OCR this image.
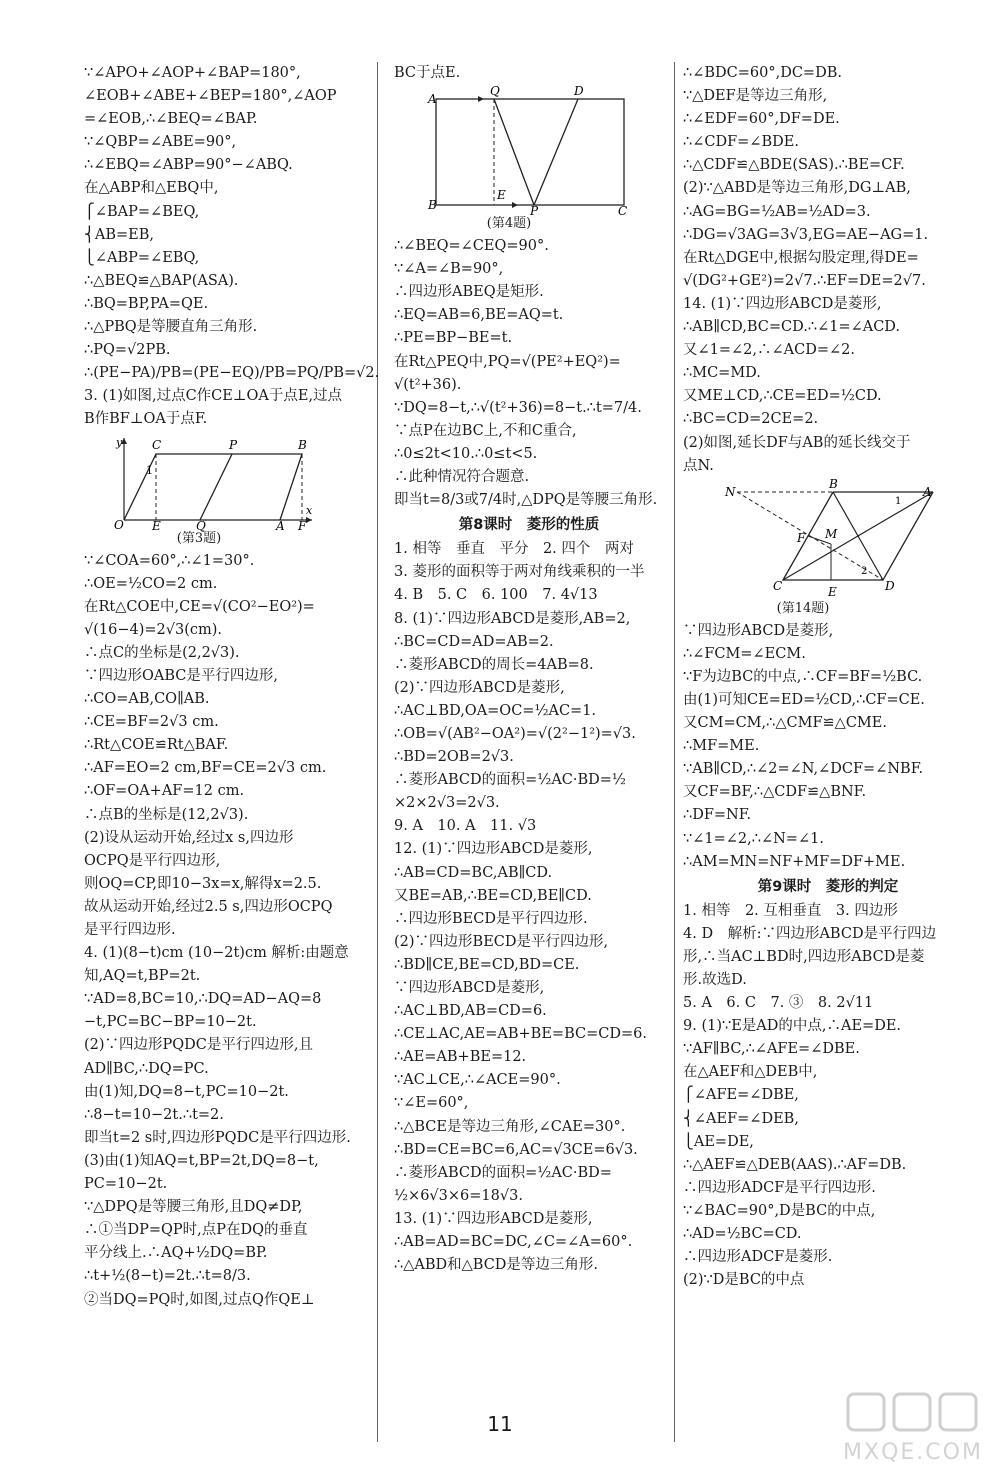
∵∠APO+∠AOP+∠BAP=180°,
∠EOB+∠ABE+∠BEP=180°,∠AOP
=∠EOB,∴∠BEQ=∠BAP.
∵∠QBP=∠ABE=90°,
∴∠EBQ=∠ABP=90°−∠ABQ.
在△ABP和△EBQ中,
⎧∠BAP=∠BEQ,
⎨AB=EB,
⎩∠ABP=∠EBQ,
∴△BEQ≌△BAP(ASA).
∴BQ=BP,PA=QE.
∴△PBQ是等腰直角三角形.
∴PQ=√2PB.
∴(PE−PA)/PB=(PE−EQ)/PB=PQ/PB=√2.
3. (1)如图,过点C作CE⊥OA于点E,过点
B作BF⊥OA于点F.
y C	P	B
1
O E	Q	A F
x
(第3题)
∵∠COA=60°,∴∠1=30°.
∴OE=½CO=2 cm.
在Rt△COE中,CE=√(CO²−EO²)=
√(16−4)=2√3(cm).
∴点C的坐标是(2,2√3).
∵四边形OABC是平行四边形,
∴CO=AB,CO∥AB.
∴CE=BF=2√3 cm.
∴Rt△COE≌Rt△BAF.
∴AF=EO=2 cm,BF=CE=2√3 cm.
∴OF=OA+AF=12 cm.
∴点B的坐标是(12,2√3).
(2)设从运动开始,经过x s,四边形
OCPQ是平行四边形,
则OQ=CP,即10−3x=x,解得x=2.5.
故从运动开始,经过2.5 s,四边形OCPQ
是平行四边形.
4. (1)(8−t)cm (10−2t)cm 解析:由题意
知,AQ=t,BP=2t.
∵AD=8,BC=10,∴DQ=AD−AQ=8
−t,PC=BC−BP=10−2t.
(2)∵四边形PQDC是平行四边形,且
AD∥BC,∴DQ=PC.
由(1)知,DQ=8−t,PC=10−2t.
∴8−t=10−2t.∴t=2.
即当t=2 s时,四边形PQDC是平行四边形.
(3)由(1)知AQ=t,BP=2t,DQ=8−t,
PC=10−2t.
∵△DPQ是等腰三角形,且DQ≠DP,
∴①当DP=QP时,点P在DQ的垂直
平分线上.∴AQ+½DQ=BP.
∴t+½(8−t)=2t.∴t=8/3.
②当DQ=PQ时,如图,过点Q作QE⊥
BC于点E.
A
Q	D
E
B	P	C
(第4题)
∴∠BEQ=∠CEQ=90°.
∵∠A=∠B=90°,
∴四边形ABEQ是矩形.
∴EQ=AB=6,BE=AQ=t.
∴PE=BP−BE=t.
在Rt△PEQ中,PQ=√(PE²+EQ²)=
√(t²+36).
∵DQ=8−t,∴√(t²+36)=8−t.∴t=7/4.
∵点P在边BC上,不和C重合,
∴0≤2t<10.∴0≤t<5.
∴此种情况符合题意.
即当t=8/3或7/4时,△DPQ是等腰三角形.
第8课时　菱形的性质
1. 相等　垂直　平分　2. 四个　两对
3. 菱形的面积等于两对角线乘积的一半
4. B　5. C　6. 100　7. 4√13
8. (1)∵四边形ABCD是菱形,AB=2,
∴BC=CD=AD=AB=2.
∴菱形ABCD的周长=4AB=8.
(2)∵四边形ABCD是菱形,
∴AC⊥BD,OA=OC=½AC=1.
∴OB=√(AB²−OA²)=√(2²−1²)=√3.
∴BD=2OB=2√3.
∴菱形ABCD的面积=½AC·BD=½
×2×2√3=2√3.
9. A　10. A　11. √3
12. (1)∵四边形ABCD是菱形,
∴AB=CD=BC,AB∥CD.
又BE=AB,∴BE=CD,BE∥CD.
∴四边形BECD是平行四边形.
(2)∵四边形BECD是平行四边形,
∴BD∥CE,BE=CD,BD=CE.
∵四边形ABCD是菱形,
∴AC⊥BD,AB=CD=6.
∴CE⊥AC,AE=AB+BE=BC=CD=6.
∴AE=AB+BE=12.
∵AC⊥CE,∴∠ACE=90°.
∵∠E=60°,
∴△BCE是等边三角形,∠CAE=30°.
∴BD=CE=BC=6,AC=√3CE=6√3.
∴菱形ABCD的面积=½AC·BD=
½×6√3×6=18√3.
13. (1)∵四边形ABCD是菱形,
∴AB=AD=BC=DC,∠C=∠A=60°.
∴△ABD和△BCD是等边三角形.
∴∠BDC=60°,DC=DB.
∵△DEF是等边三角形,
∴∠EDF=60°,DF=DE.
∴∠CDF=∠BDE.
∴△CDF≌△BDE(SAS).∴BE=CF.
(2)∵△ABD是等边三角形,DG⊥AB,
∴AG=BG=½AB=½AD=3.
∴DG=√3AG=3√3,EG=AE−AG=1.
在Rt△DGE中,根据勾股定理,得DE=
√(DG²+GE²)=2√7.∴EF=DE=2√7.
14. (1)∵四边形ABCD是菱形,
∴AB∥CD,BC=CD.∴∠1=∠ACD.
又∠1=∠2,∴∠ACD=∠2.
∴MC=MD.
又ME⊥CD,∴CE=ED=½CD.
∴BC=CD=2CE=2.
(2)如图,延长DF与AB的延长线交于
点N.
N
B
A
1
M
F
2
C	E	D
(第14题)
∵四边形ABCD是菱形,
∴∠FCM=∠ECM.
∵F为边BC的中点,∴CF=BF=½BC.
由(1)可知CE=ED=½CD,∴CF=CE.
又CM=CM,∴△CMF≌△CME.
∴MF=ME.
∵AB∥CD,∴∠2=∠N,∠DCF=∠NBF.
又CF=BF,∴△CDF≌△BNF.
∴DF=NF.
∵∠1=∠2,∴∠N=∠1.
∴AM=MN=NF+MF=DF+ME.
第9课时　菱形的判定
1. 相等　2. 互相垂直　3. 四边形
4. D　解析:∵四边形ABCD是平行四边
形,∴当AC⊥BD时,四边形ABCD是菱
形.故选D.
5. A　6. C　7. ③　8. 2√11
9. (1)∵E是AD的中点,∴AE=DE.
∵AF∥BC,∴∠AFE=∠DBE.
在△AEF和△DEB中,
⎧∠AFE=∠DBE,
⎨∠AEF=∠DEB,
⎩AE=DE,
∴△AEF≌△DEB(AAS).∴AF=DB.
∴四边形ADCF是平行四边形.
∵∠BAC=90°,D是BC的中点,
∴AD=½BC=CD.
∴四边形ADCF是菱形.
(2)∵D是BC的中点
11
MXQE.COM
